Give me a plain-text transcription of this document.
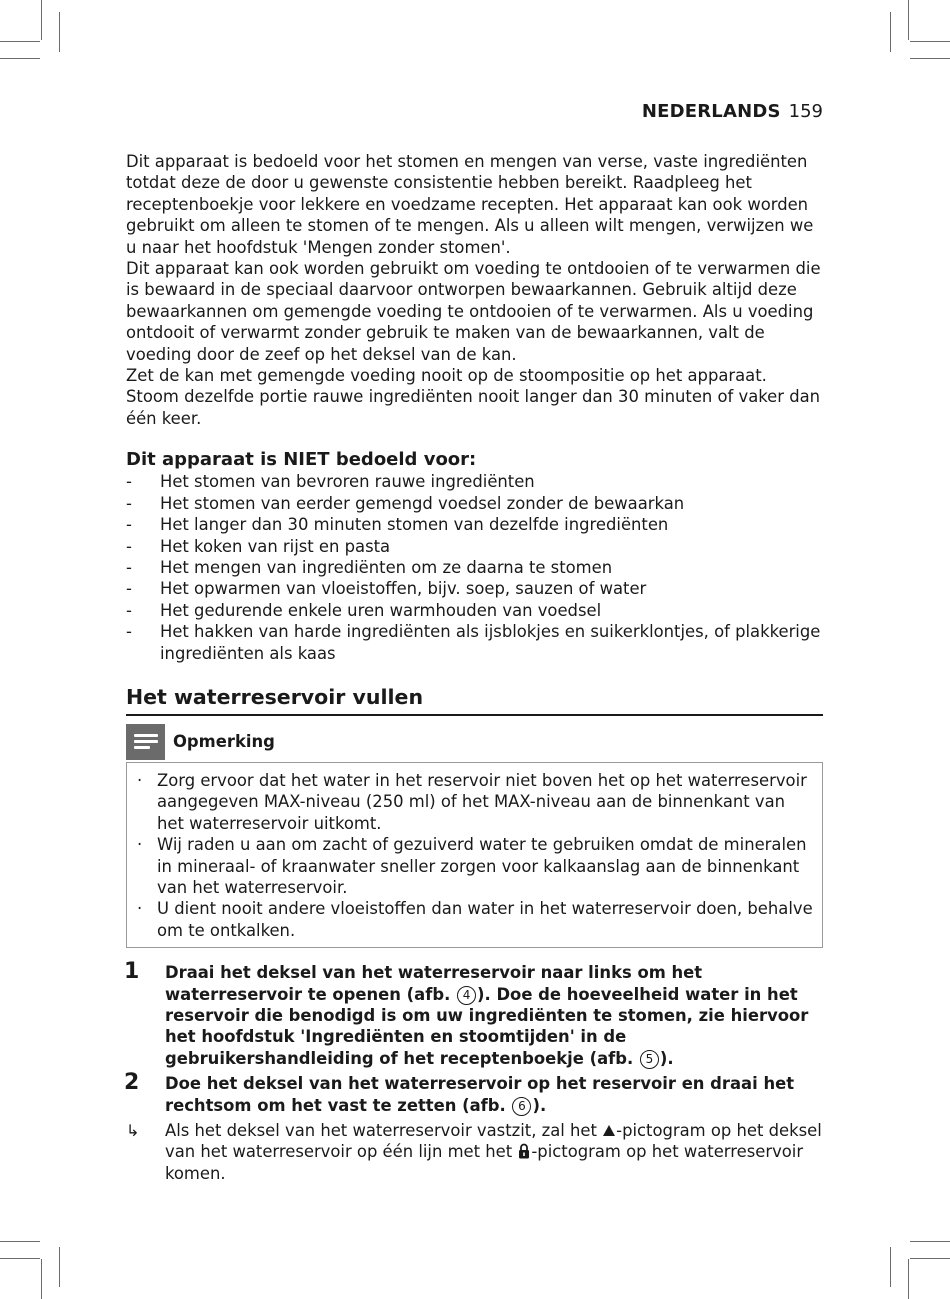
NEDERLANDS 159

Dit apparaat is bedoeld voor het stomen en mengen van verse, vaste ingrediënten totdat deze de door u gewenste consistentie hebben bereikt. Raadpleeg het receptenboekje voor lekkere en voedzame recepten. Het apparaat kan ook worden gebruikt om alleen te stomen of te mengen. Als u alleen wilt mengen, verwijzen we u naar het hoofdstuk 'Mengen zonder stomen'.

Dit apparaat kan ook worden gebruikt om voeding te ontdooien of te verwarmen die is bewaard in de speciaal daarvoor ontworpen bewaarkannen. Gebruik altijd deze bewaarkannen om gemengde voeding te ontdooien of te verwarmen. Als u voeding ontdooit of verwarmt zonder gebruik te maken van de bewaarkannen, valt de voeding door de zeef op het deksel van de kan.

Zet de kan met gemengde voeding nooit op de stoompositie op het apparaat. Stoom dezelfde portie rauwe ingrediënten nooit langer dan 30 minuten of vaker dan één keer.

Dit apparaat is NIET bedoeld voor:
- Het stomen van bevroren rauwe ingrediënten
- Het stomen van eerder gemengd voedsel zonder de bewaarkan
- Het langer dan 30 minuten stomen van dezelfde ingrediënten
- Het koken van rijst en pasta
- Het mengen van ingrediënten om ze daarna te stomen
- Het opwarmen van vloeistoffen, bijv. soep, sauzen of water
- Het gedurende enkele uren warmhouden van voedsel
- Het hakken van harde ingrediënten als ijsblokjes en suikerklontjes, of plakkerige ingrediënten als kaas
Het waterreservoir vullen
Opmerking
· Zorg ervoor dat het water in het reservoir niet boven het op het waterreservoir aangegeven MAX-niveau (250 ml) of het MAX-niveau aan de binnenkant van het waterreservoir uitkomt.
· Wij raden u aan om zacht of gezuiverd water te gebruiken omdat de mineralen in mineraal- of kraanwater sneller zorgen voor kalkaanslag aan de binnenkant van het waterreservoir.
· U dient nooit andere vloeistoffen dan water in het waterreservoir doen, behalve om te ontkalken.
1 Draai het deksel van het waterreservoir naar links om het waterreservoir te openen (afb. 4 ). Doe de hoeveelheid water in het reservoir die benodigd is om uw ingrediënten te stomen, zie hiervoor het hoofdstuk 'Ingrediënten en stoomtijden' in de gebruikershandleiding of het receptenboekje (afb. 5 ).
2 Doe het deksel van het waterreservoir op het reservoir en draai het rechtsom om het vast te zetten (afb. 6 ).
↳ Als het deksel van het waterreservoir vastzit, zal het -pictogram op het deksel van het waterreservoir op één lijn met het -pictogram op het waterreservoir komen.
